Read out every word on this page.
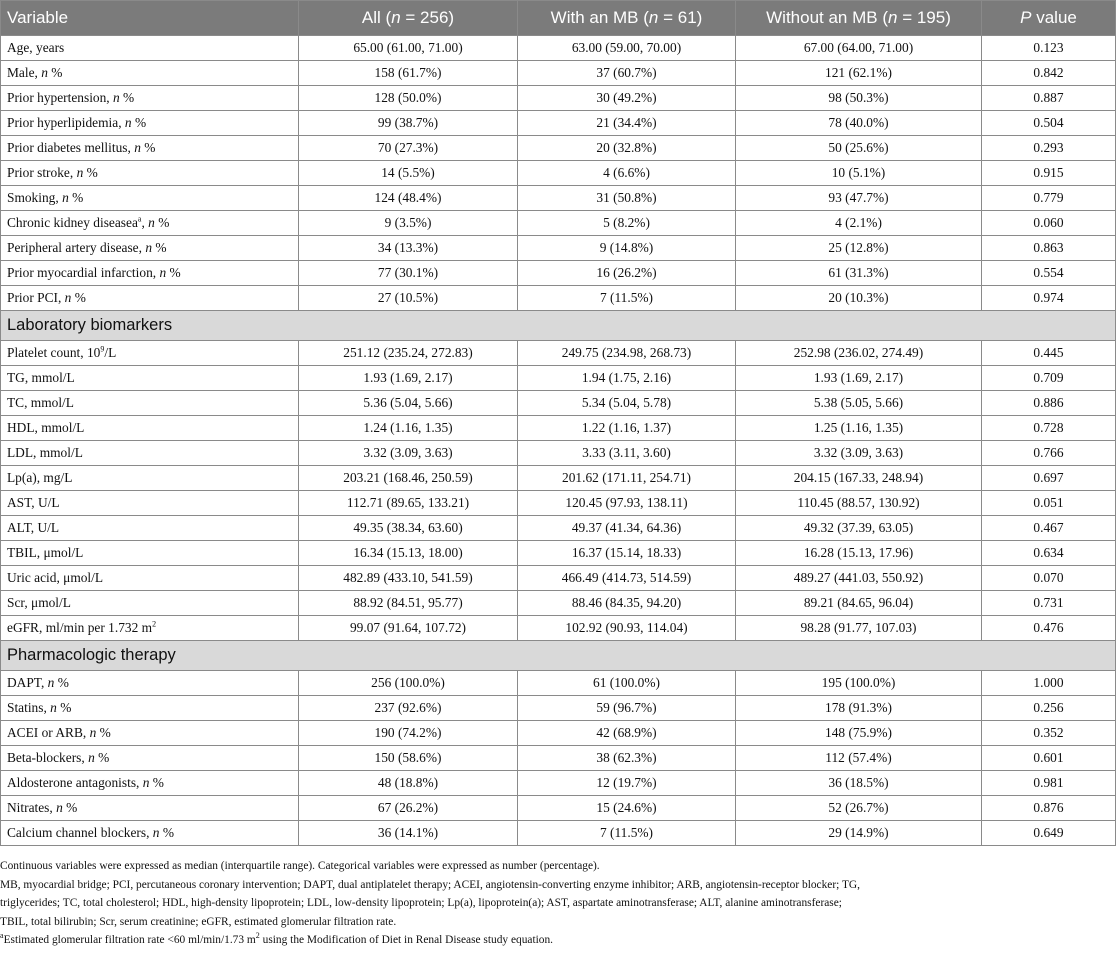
Variable	All (n = 256)	With an MB (n = 61)	Without an MB (n = 195)	P value
Age, years	65.00 (61.00, 71.00)	63.00 (59.00, 70.00)	67.00 (64.00, 71.00)	0.123
Male, n %	158 (61.7%)	37 (60.7%)	121 (62.1%)	0.842
Prior hypertension, n %	128 (50.0%)	30 (49.2%)	98 (50.3%)	0.887
Prior hyperlipidemia, n %	99 (38.7%)	21 (34.4%)	78 (40.0%)	0.504
Prior diabetes mellitus, n %	70 (27.3%)	20 (32.8%)	50 (25.6%)	0.293
Prior stroke, n %	14 (5.5%)	4 (6.6%)	10 (5.1%)	0.915
Smoking, n %	124 (48.4%)	31 (50.8%)	93 (47.7%)	0.779
Chronic kidney diseasea$^a$, n %	9 (3.5%)	5 (8.2%)	4 (2.1%)	0.060
Peripheral artery disease, n %	34 (13.3%)	9 (14.8%)	25 (12.8%)	0.863
Prior myocardial infarction, n %	77 (30.1%)	16 (26.2%)	61 (31.3%)	0.554
Prior PCI, n %	27 (10.5%)	7 (11.5%)	20 (10.3%)	0.974
Laboratory biomarkers				
Platelet count, $10^9/L$	251.12 (235.24, 272.83)	249.75 (234.98, 268.73)	252.98 (236.02, 274.49)	0.445
TG, mmol/L	1.93 (1.69, 2.17)	1.94 (1.75, 2.16)	1.93 (1.69, 2.17)	0.709
TC, mmol/L	5.36 (5.04, 5.66)	5.34 (5.04, 5.78)	5.38 (5.05, 5.66)	0.886
HDL, mmol/L	1.24 (1.16, 1.35)	1.22 (1.16, 1.37)	1.25 (1.16, 1.35)	0.728
LDL, mmol/L	3.32 (3.09, 3.63)	3.33 (3.11, 3.60)	3.32 (3.09, 3.63)	0.766
Lp(a), mg/L	203.21 (168.46, 250.59)	201.62 (171.11, 254.71)	204.15 (167.33, 248.94)	0.697
AST, U/L	112.71 (89.65, 133.21)	120.45 (97.93, 138.11)	110.45 (88.57, 130.92)	0.051
ALT, U/L	49.35 (38.34, 63.60)	49.37 (41.34, 64.36)	49.32 (37.39, 63.05)	0.467
TBIL, μmol/L	16.34 (15.13, 18.00)	16.37 (15.14, 18.33)	16.28 (15.13, 17.96)	0.634
Uric acid, μmol/L	482.89 (433.10, 541.59)	466.49 (414.73, 514.59)	489.27 (441.03, 550.92)	0.070
Scr, μmol/L	88.92 (84.51, 95.77)	88.46 (84.35, 94.20)	89.21 (84.65, 96.04)	0.731
eGFR, ml/min per 1.732 $m^2$	99.07 (91.64, 107.72)	102.92 (90.93, 114.04)	98.28 (91.77, 107.03)	0.476
Pharmacologic therapy				
DAPT, n %	256 (100.0%)	61 (100.0%)	195 (100.0%)	1.000
Statins, n %	237 (92.6%)	59 (96.7%)	178 (91.3%)	0.256
ACEI or ARB, n %	190 (74.2%)	42 (68.9%)	148 (75.9%)	0.352
Beta-blockers, n %	150 (58.6%)	38 (62.3%)	112 (57.4%)	0.601
Aldosterone antagonists, n %	48 (18.8%)	12 (19.7%)	36 (18.5%)	0.981
Nitrates, n %	67 (26.2%)	15 (24.6%)	52 (26.7%)	0.876
Calcium channel blockers, n %	36 (14.1%)	7 (11.5%)	29 (14.9%)	0.649

Continuous variables were expressed as median (interquartile range). Categorical variables were expressed as number (percentage).

MB, myocardial bridge; PCI, percutaneous coronary intervention; DAPT, dual antiplatelet therapy; ACEI, angiotensin-converting enzyme inhibitor; ARB, angiotensin-receptor blocker; TG,

triglycerides; TC, total cholesterol; HDL, high-density lipoprotein; LDL, low-density lipoprotein; Lp(a), lipoprotein(a); AST, aspartate aminotransferase; ALT, alanine aminotransferase;

TBIL, total bilirubin; Scr, serum creatinine; eGFR, estimated glomerular filtration rate.

$^a$Estimated glomerular filtration rate <60 ml/min/1.73 $m^2$ using the Modification of Diet in Renal Disease study equation.
